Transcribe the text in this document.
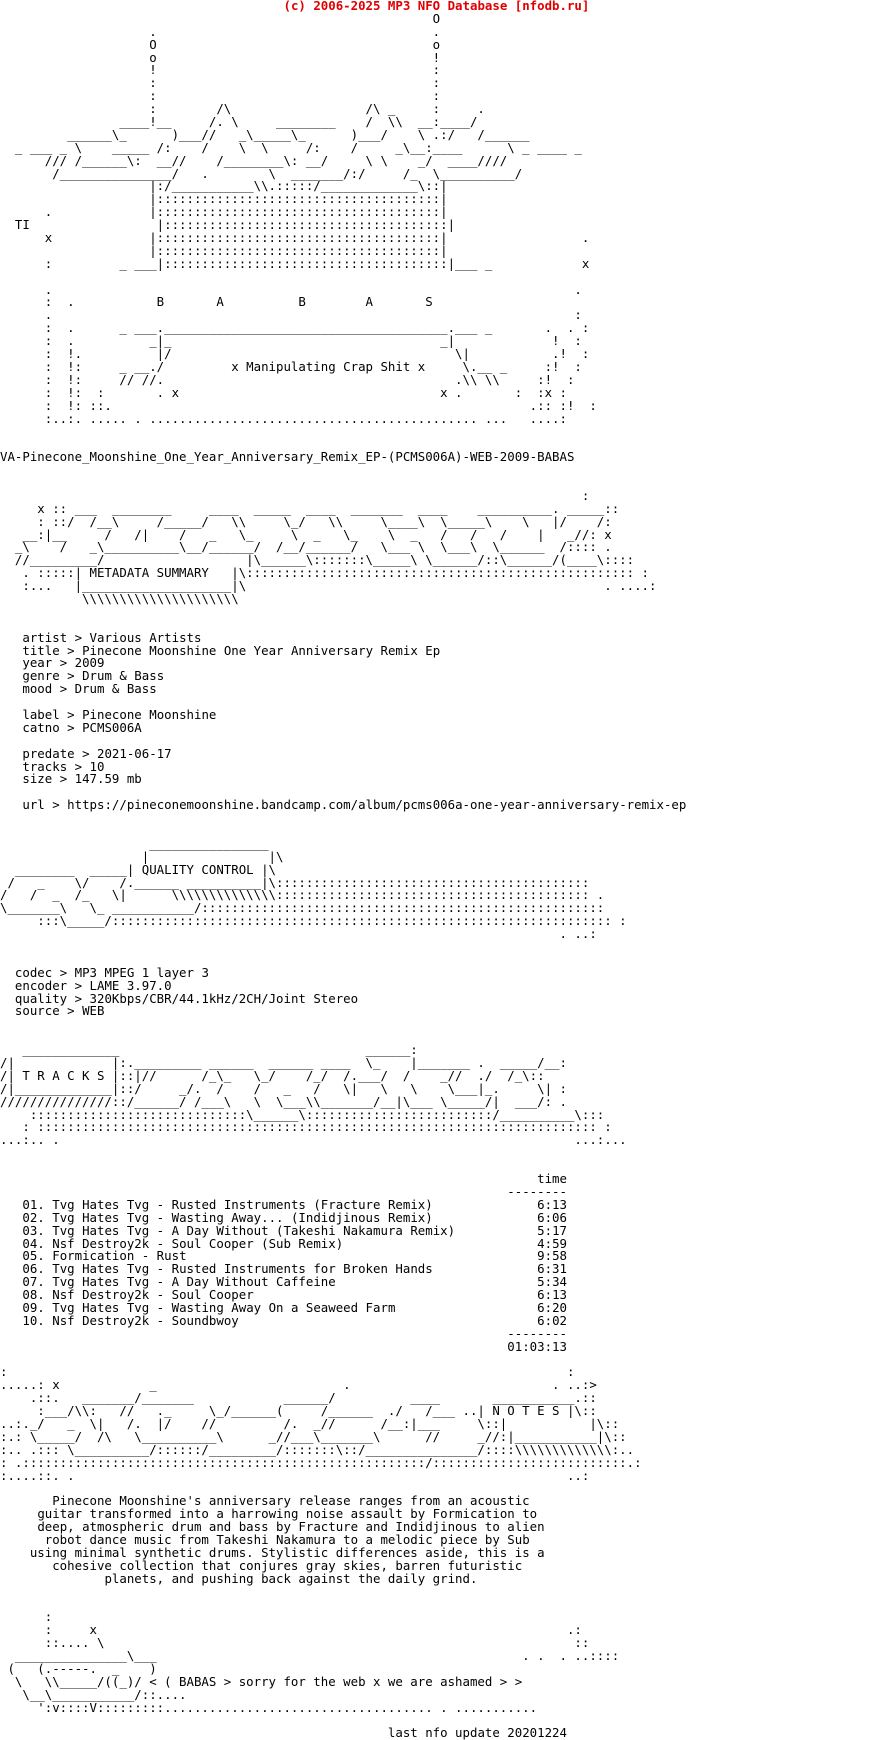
(c) 2006-2025 MP3 NFO Database [nfodb.ru]
O
.                                     .
O                                     o
o                                     !
!                                     :
:                                     :
:                                     :
:        /\                  /\ _     :     .
____!__     /. \     ________    /  \\  __:____/
______\_      )___//   _\_____\_      )___/    \ .:/   /______
_ ___ _ \    _____ /:    /    \  \     /:    /     _\__:____      \ _ ____ _
/// /______\:  __//    /________\: __/     \ \    _/  ____////
/_______________/   .        \  _______/:/     /_  \__________/
|:/___________\\.:::::/_____________\::|
|::::::::::::::::::::::::::::::::::::::|
.             |::::::::::::::::::::::::::::::::::::::|
TI                 |::::::::::::::::::::::::::::::::::::::|
x             |::::::::::::::::::::::::::::::::::::::|                  .
|::::::::::::::::::::::::::::::::::::::|
:         _ ___|::::::::::::::::::::::::::::::::::::::|___ _            x
.                                                                      .
:  .           B       A          B        A       S
.                                                                      :
:  .      _ ___.______________________________________.___ _       .  . :
:  .          _|_                                    _|             !  :
:  !.          |/                                      \|           .!  :
:  !:     _ __./         x Manipulating Crap Shit x     \.__ _     :!  :
:  !:     // //.                                       .\\ \\     :!  :
:  !:  :       . x                                   x .       :  :x :
:  !: ::.                                                        .:: :!  :
:..:. ..... . ............................................ ...   ....:
VA-Pinecone_Moonshine_One_Year_Anniversary_Remix_EP-(PCMS006A)-WEB-2009-BABAS
:
x :: ___  ________     ____  _____  ____  _______  ____    __________. _____::
: ::/  /__\     /_____/   \\     \_/   \\     \____\  \_____\    \   |/    /:
__:|__     /   /|    /   _   \_     \  _   \_    \  _   /   /   /    |   _//: x
_\    /   _\__________\__/______/  /__/______/   \___ \  \___\  \______  /:::: .
//_________/                   |\______\:::::::\_____\ \______/::\______/(____\::::
. :::::| METADATA SUMMARY   |\:::::::::::::::::::::::::::::::::::::::::::::::::::: :
:...   |____________________|\                                                . ....:
\\\\\\\\\\\\\\\\\\\\\
artist > Various Artists
title > Pinecone Moonshine One Year Anniversary Remix Ep
year > 2009
genre > Drum & Bass
mood > Drum & Bass
label > Pinecone Moonshine
catno > PCMS006A
predate > 2021-06-17
tracks > 10
size > 147.59 mb
url > https://pineconemoonshine.bandcamp.com/album/pcms006a-one-year-anniversary-remix-ep
________________
|                |\
________  _____| QUALITY CONTROL |\
/   _    \/    /.______ __________|\::::::::::::::::::::::::::::::::::::::::::
/   /  _  /_   \|      \\\\\\\\\\\\\\:::::::::::::::::::::::::::::::::::::::::: .
\_______\   \_ ___________/::::::::::::::::::::::::::::::::::::::::::::::::::::::
:::\_____/::::::::::::::::::::::::::::::::::::::::::::::::::::::::::::::::::: :
. ..:
codec > MP3 MPEG 1 layer 3
encoder > LAME 3.97.0
quality > 320Kbps/CBR/44.1kHz/2CH/Joint Stereo
source > WEB
_____________                                 ______:
/|             |:._________ ______  ______ ____  \_    |_______ .  _____/__:
/| T R A C K S |::|//      /_\_   \_/    /_/  /.___/  /    _//  ./  /_\::
/|_____________|::/     _/.  /    /   _   /   \|   \   \    \___|_.     \| :
///////////////::/______/ /___\   \  \___\\_______/__|\___ \_____/|  ___/: .
:::::::::::::::::::::::::::::\______\:::::::::::::::::::::::::/__________\:::
: ::::::::::::::::::::::::::::::::::::::::::::::::::::::::::::::::::::::::::: :
...:.. .                                                                     ...:...
time
--------
01. Tvg Hates Tvg - Rusted Instruments (Fracture Remix)	6:13
02. Tvg Hates Tvg - Wasting Away... (Indidjinous Remix)	6:06
03. Tvg Hates Tvg - A Day Without (Takeshi Nakamura Remix)	5:17
04. Nsf Destroy2k - Soul Cooper (Sub Remix)	4:59
05. Formication - Rust	9:58
06. Tvg Hates Tvg - Rusted Instruments for Broken Hands	6:31
07. Tvg Hates Tvg - A Day Without Caffeine	5:34
08. Nsf Destroy2k - Soul Cooper	6:13
09. Tvg Hates Tvg - Wasting Away On a Seaweed Farm	6:20
10. Nsf Destroy2k - Soundbwoy	6:02
--------
01:03:13
:                                                                           :
.....: x            _                         .                           . ..:>
.::.   _______/_______            ______/          ____       ___________.::
:___/\\:   //   ._     \_/______(     /______  ./   /___ ..| N O T E S |\::
..:._/   _  \|   /.  |/    //         /.  _//      /__:|___     \::|           |\::
:.: \_____/  /\   \__________\      _//___\_______\      //     _//:|___________|\::
:.. .::: \__________/::::::/_________/:::::::\::/_______________/::::\\\\\\\\\\\\\:..
: .::::::::::::::::::::::::::::::::::::::::::::::::::::::/::::::::::::::::::::::::::.:
:....::. .                                                                  ..:
Pinecone Moonshine's anniversary release ranges from an acoustic
guitar transformed into a harrowing noise assault by Formication to
deep, atmospheric drum and bass by Fracture and Indidjinous to alien
robot dance music from Takeshi Nakamura to a melodic piece by Sub
using minimal synthetic drums. Stylistic differences aside, this is a
cohesive collection that conjures gray skies, barren futuristic
planets, and pushing back against the daily grind.
:
:     x                                                               .:
::.... \                                                               ::
_______________\___                                                 . .  . ..::::
(   (.-----.  _    )
\   \\_____/((_)/ < ( BABAS > sorry for the web x we are ashamed > >
\__\___________/::....
':v::::V:::::::::.................................... . ...........
last nfo update 20201224
